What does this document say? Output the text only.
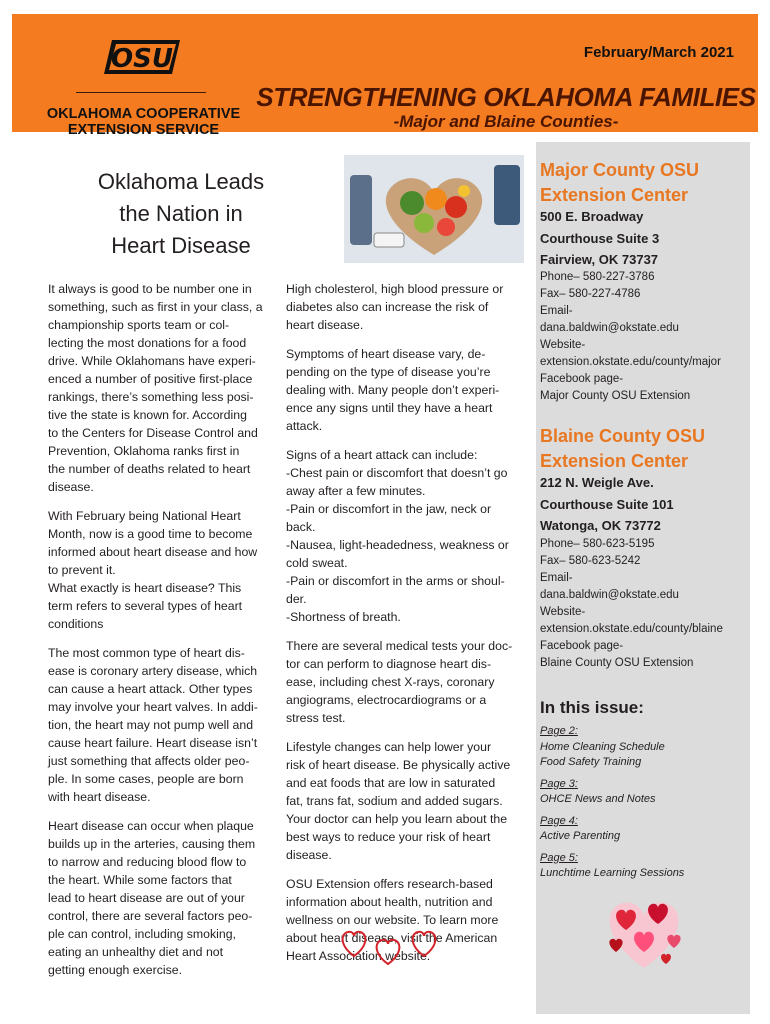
OSU
OKLAHOMA COOPERATIVE
EXTENSION SERVICE
February/March 2021
STRENGTHENING OKLAHOMA FAMILIES
-Major and Blaine Counties-
Oklahoma Leads
the Nation in
Heart Disease

It always is good to be number one in
something, such as first in your class, a
championship sports team or col-
lecting the most donations for a food
drive. While Oklahomans have experi-
enced a number of positive first-place
rankings, there’s something less posi-
tive the state is known for. According
to the Centers for Disease Control and
Prevention, Oklahoma ranks first in
the number of deaths related to heart
disease.

With February being National Heart
Month, now is a good time to become
informed about heart disease and how
to prevent it.
What exactly is heart disease? This
term refers to several types of heart
conditions

The most common type of heart dis-
ease is coronary artery disease, which
can cause a heart attack. Other types
may involve your heart valves. In addi-
tion, the heart may not pump well and
cause heart failure. Heart disease isn’t
just something that affects older peo-
ple. In some cases, people are born
with heart disease.

Heart disease can occur when plaque
builds up in the arteries, causing them
to narrow and reducing blood flow to
the heart. While some factors that
lead to heart disease are out of your
control, there are several factors peo-
ple can control, including smoking,
eating an unhealthy diet and not
getting enough exercise.

High cholesterol, high blood pressure or
diabetes also can increase the risk of
heart disease.

Symptoms of heart disease vary, de-
pending on the type of disease you’re
dealing with. Many people don’t experi-
ence any signs until they have a heart
attack.

Signs of a heart attack can include:
-Chest pain or discomfort that doesn’t go
away after a few minutes.
-Pain or discomfort in the jaw, neck or
back.
-Nausea, light-headedness, weakness or
cold sweat.
-Pain or discomfort in the arms or shoul-
der.
-Shortness of breath.

There are several medical tests your doc-
tor can perform to diagnose heart dis-
ease, including chest X-rays, coronary
angiograms, electrocardiograms or a
stress test.

Lifestyle changes can help lower your
risk of heart disease. Be physically active
and eat foods that are low in saturated
fat, trans fat, sodium and added sugars.
Your doctor can help you learn about the
best ways to reduce your risk of heart
disease.

OSU Extension offers research-based
information about health, nutrition and
wellness on our website. To learn more
about heart disease, visit the American
Heart Association website.

Major County OSU
Extension Center
500 E. Broadway
Courthouse Suite 3
Fairview, OK 73737
Phone– 580-227-3786
Fax– 580-227-4786
Email-
dana.baldwin@okstate.edu
Website-
extension.okstate.edu/county/major
Facebook page-
Major County OSU Extension
Blaine County OSU
Extension Center
212 N. Weigle Ave.
Courthouse Suite 101
Watonga, OK 73772
Phone– 580-623-5195
Fax– 580-623-5242
Email-
dana.baldwin@okstate.edu
Website-
extension.okstate.edu/county/blaine
Facebook page-
Blaine County OSU Extension
In this issue:
Page 2:
Home Cleaning Schedule
Food Safety Training
Page 3:
OHCE News and Notes
Page 4:
Active Parenting
Page 5:
Lunchtime Learning Sessions
